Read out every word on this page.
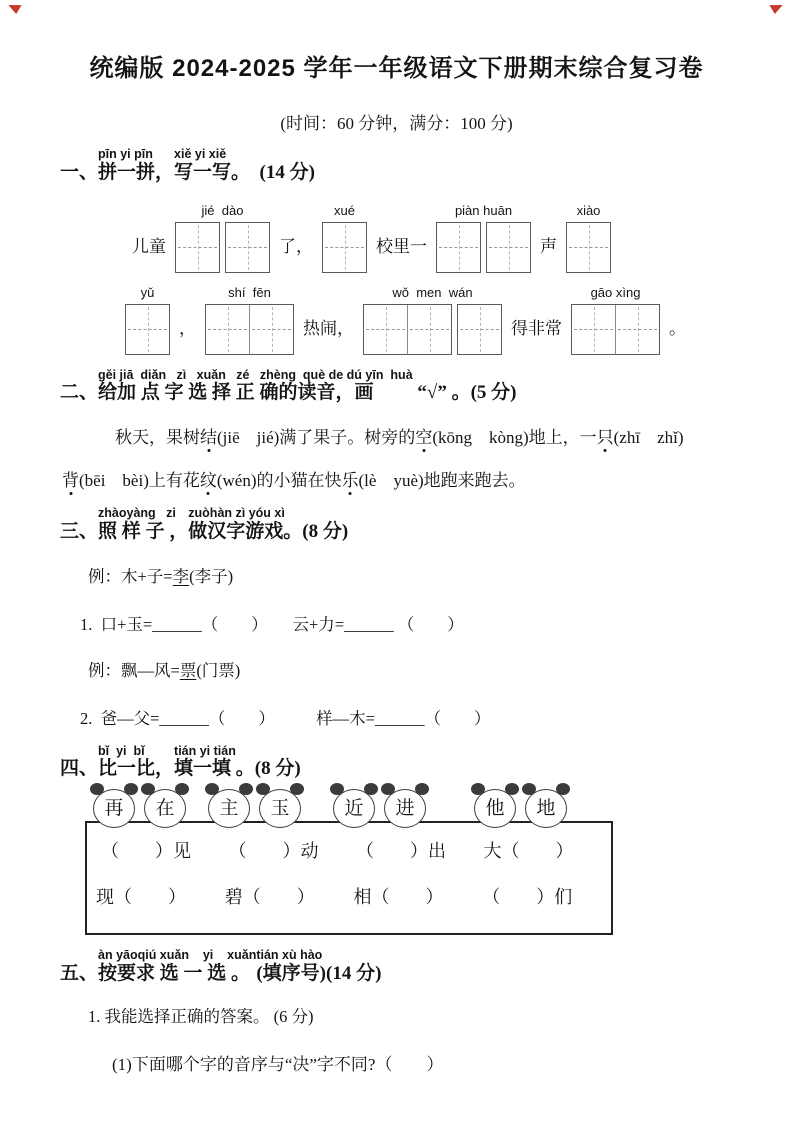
统编版 2024-2025 学年一年级语文下册期末综合复习卷
(时间：60 分钟，满分：100 分)
一、
pīn yi pīn
拼一拼，
xiě yi xiě
写一写。 (14 分)
儿童
jié  dào
了，
xué
校里一
piàn huān
声
xiào
yǔ
，
shí  fēn
热闹，
wǒ  men  wán
得非常
gāo xìng
。
二、
gěi jiā  diǎn   zì   xuǎn   zé   zhèng  què de dú yīn  huà
给加 点 字 选 择 正 确的读音，画	“√” 。(5 分)

秋天，果树结(jiē　jié)满了果子。树旁的空(kōng　kòng)地上，一只(zhī　zhǐ)

背(bēi　bèi)上有花纹(wén)的小猫在快乐(lè　yuè)地跑来跑去。

三、
zhàoyàng   zi
照 样 子 ，
zuòhàn zì yóu xì
做汉字游戏。 (8 分)

例：木+子=李(李子)

1.  口+玉=______（　　）　　云+力=______ （　　）

例：飘—风=票(门票)

2.  爸—父=______（　　）　　　样—木=______（　　）

四、
bǐ  yi  bǐ
比一比，
tián yi tián
填一填 。 (8 分)
再 在 主 玉	近 进	他 地
（　　）见	（　　）动	（　　）出	大（　　）
现（　　）	碧（　　）	相（　　）	（　　）们
五、
àn yāoqiú
按要求
xuǎn    yi    xuǎn
选 一 选 。
tián xù hào
(填序号) (14 分)

1. 我能选择正确的答案。 (6 分)

(1)下面哪个字的音序与“决”字不同?（　　）
